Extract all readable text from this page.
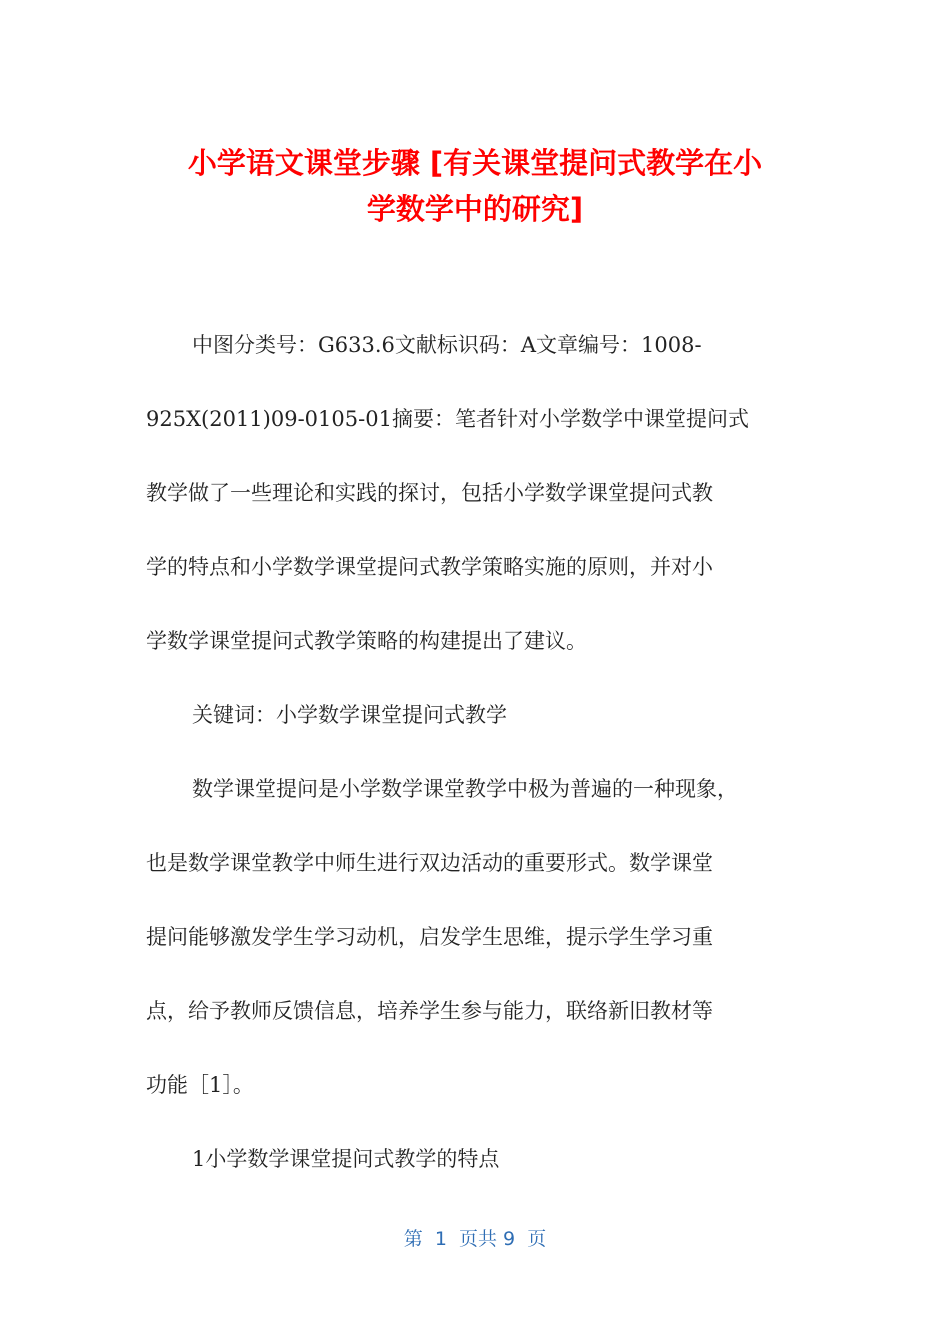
小学语文课堂步骤 [有关课堂提问式教学在小
学数学中的研究]
中图分类号：G633.6文献标识码：A文章编号：1008-
925X(2011)09-0105-01摘要：笔者针对小学数学中课堂提问式
教学做了一些理论和实践的探讨，包括小学数学课堂提问式教
学的特点和小学数学课堂提问式教学策略实施的原则，并对小
学数学课堂提问式教学策略的构建提出了建议。
关键词：小学数学课堂提问式教学
数学课堂提问是小学数学课堂教学中极为普遍的一种现象，
也是数学课堂教学中师生进行双边活动的重要形式。数学课堂
提问能够激发学生学习动机，启发学生思维，提示学生学习重
点，给予教师反馈信息，培养学生参与能力，联络新旧教材等
功能［1］。
1小学数学课堂提问式教学的特点
第  1  页共 9  页
